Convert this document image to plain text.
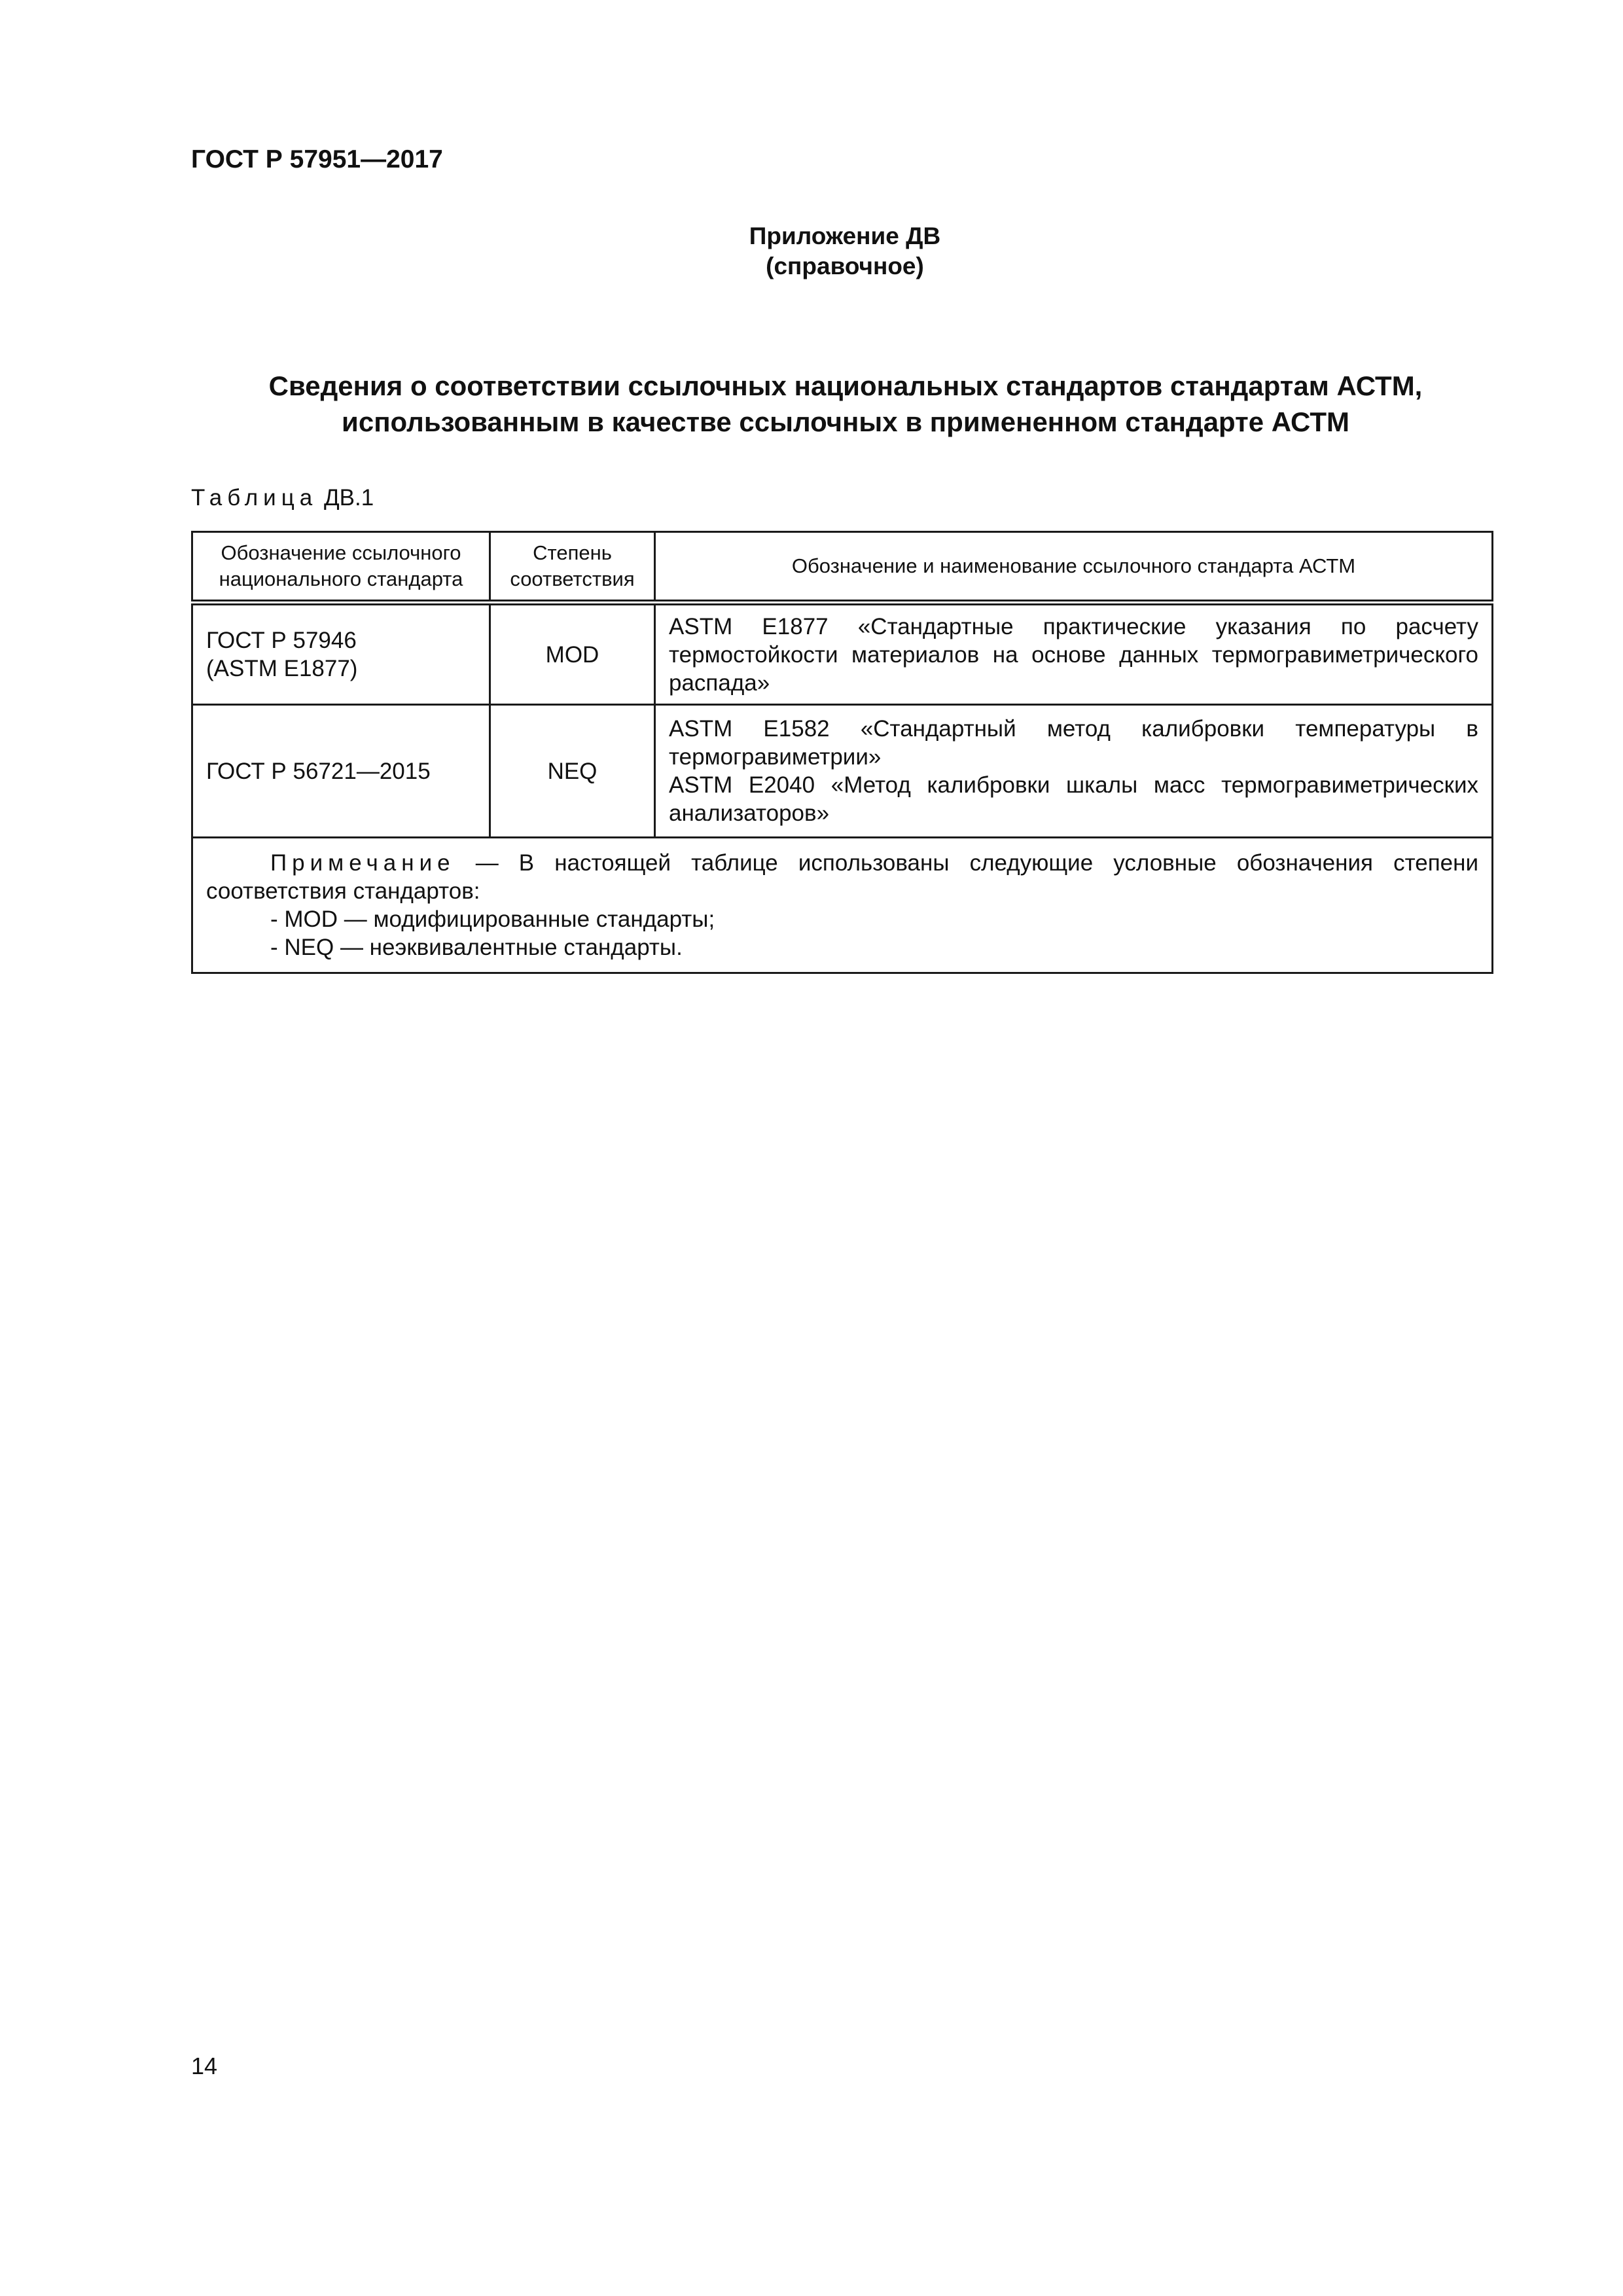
ГОСТ Р 57951—2017

Приложение ДВ
(справочное)
Сведения о соответствии ссылочных национальных стандартов стандартам АСТМ,
использованным в качестве ссылочных в примененном стандарте АСТМ

Таблица ДВ.1

Обозначение ссылочного национального стандарта	Степень соответствия	Обозначение и наименование ссылочного стандарта АСТМ

ГОСТ Р 57946
(ASTM E1877)	MOD	ASTM E1877 «Стандартные практические указания по расчету термостойкости материалов на основе данных термогравиметрического распада»

ГОСТ Р 56721—2015	NEQ	ASTM E1582 «Стандартный метод калибровки температуры в термогравиметрии»
ASTM E2040 «Метод калибровки шкалы масс термогравиметрических анализаторов»

Примечание — В настоящей таблице использованы следующие условные обозначения степени соответствия стандартов:
- MOD — модифицированные стандарты;
- NEQ — неэквивалентные стандарты.		

14
